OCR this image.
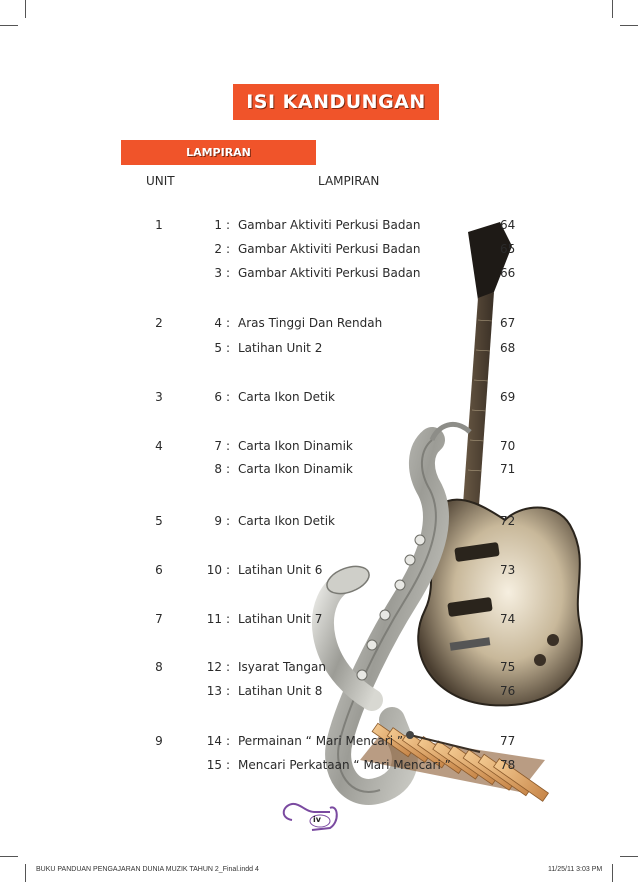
ISI KANDUNGAN
LAMPIRAN
UNIT	LAMPIRAN
1	1 : Gambar Aktiviti Perkusi Badan	64
2 : Gambar Aktiviti Perkusi Badan	65
3 : Gambar Aktiviti Perkusi Badan	66
2	4 : Aras Tinggi Dan Rendah	67
5 : Latihan Unit 2	68
3	6 : Carta Ikon Detik	69
4	7 : Carta Ikon Dinamik	70
8 : Carta Ikon Dinamik	71
5	9 : Carta Ikon Detik	72
6	10 : Latihan Unit 6	73
7	11 : Latihan Unit 7	74
8	12 : Isyarat Tangan	75
13 : Latihan Unit 8	76
9	14 : Permainan “ Mari Mencari ”	77
15 : Mencari Perkataan “ Mari Mencari ”	78
iv
BUKU PANDUAN PENGAJARAN DUNIA MUZIK TAHUN 2_Final.indd 4	11/25/11 3:03 PM
